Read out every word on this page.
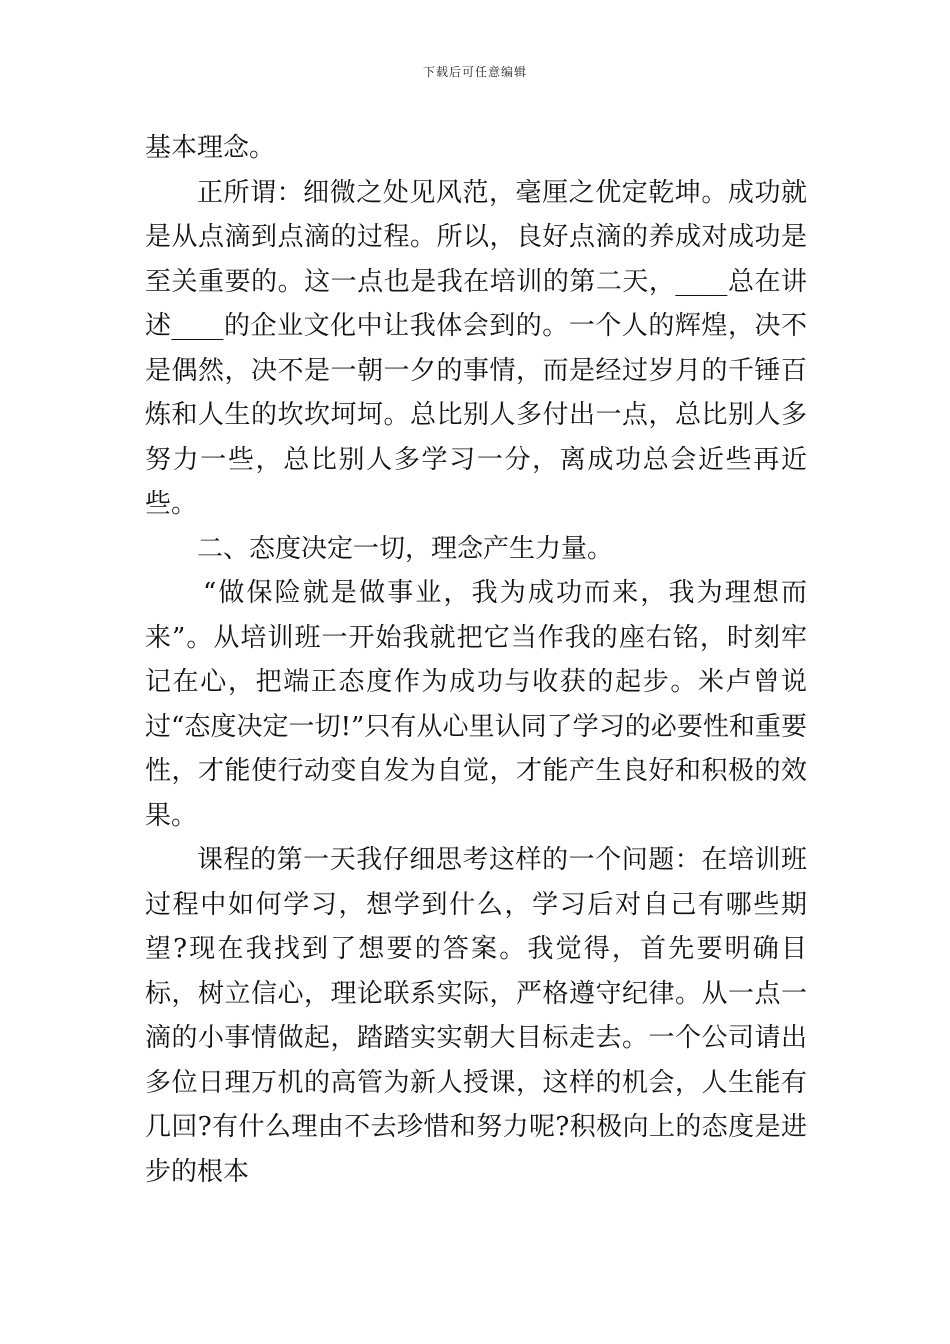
下载后可任意编辑

基本理念。

正所谓：细微之处见风范，毫厘之优定乾坤。成功就是从点滴到点滴的过程。所以，良好点滴的养成对成功是至关重要的。这一点也是我在培训的第二天，____总在讲述____的企业文化中让我体会到的。一个人的辉煌，决不是偶然，决不是一朝一夕的事情，而是经过岁月的千锤百炼和人生的坎坎坷坷。总比别人多付出一点，总比别人多努力一些，总比别人多学习一分，离成功总会近些再近些。

二、态度决定一切，理念产生力量。

“做保险就是做事业，我为成功而来，我为理想而来”。从培训班一开始我就把它当作我的座右铭，时刻牢记在心，把端正态度作为成功与收获的起步。米卢曾说过“态度决定一切!”只有从心里认同了学习的必要性和重要性，才能使行动变自发为自觉，才能产生良好和积极的效果。

课程的第一天我仔细思考这样的一个问题：在培训班过程中如何学习，想学到什么，学习后对自己有哪些期望?现在我找到了想要的答案。我觉得，首先要明确目标，树立信心，理论联系实际，严格遵守纪律。从一点一滴的小事情做起，踏踏实实朝大目标走去。一个公司请出多位日理万机的高管为新人授课，这样的机会，人生能有几回?有什么理由不去珍惜和努力呢?积极向上的态度是进步的根本
